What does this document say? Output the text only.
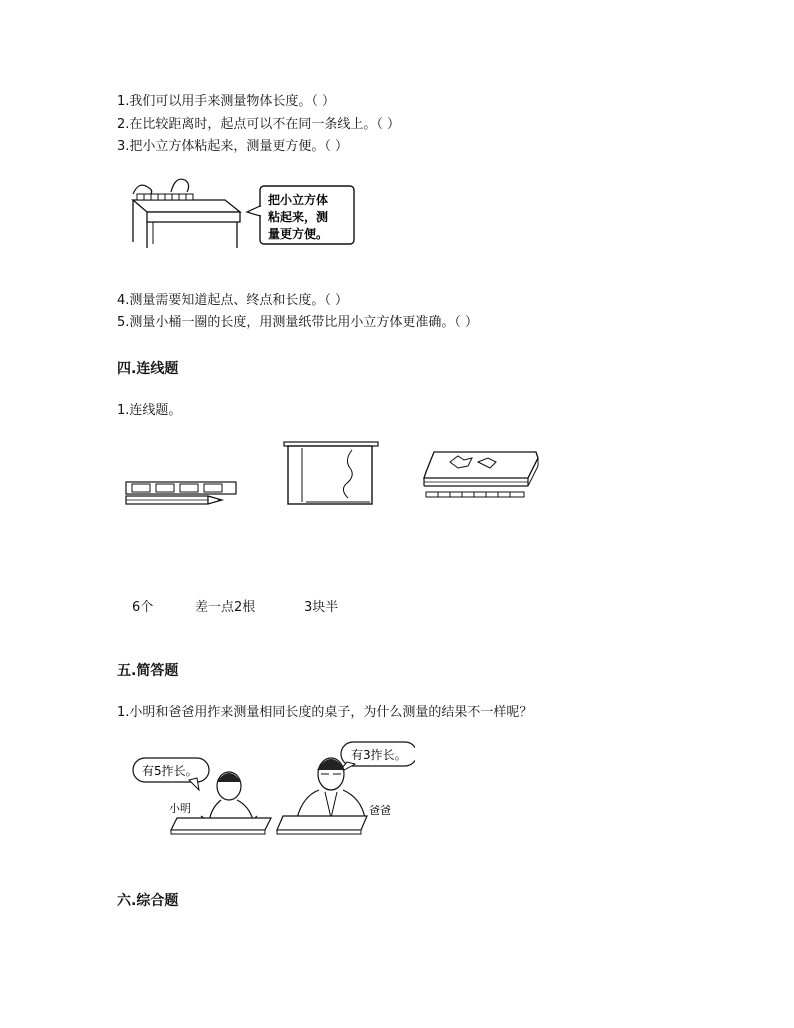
1.我们可以用手来测量物体长度。（ ）
2.在比较距离时，起点可以不在同一条线上。（ ）
3.把小立方体粘起来，测量更方便。（ ）
把小立方体
粘起来，测
量更方便。
4.测量需要知道起点、终点和长度。（ ）
5.测量小桶一圈的长度，用测量纸带比用小立方体更准确。（ ）
四.连线题
1.连线题。
6个	差一点2根	3块半
五.简答题
1.小明和爸爸用拃来测量相同长度的桌子，为什么测量的结果不一样呢？
有5拃长。
小明
有3拃长。
爸爸
六.综合题
